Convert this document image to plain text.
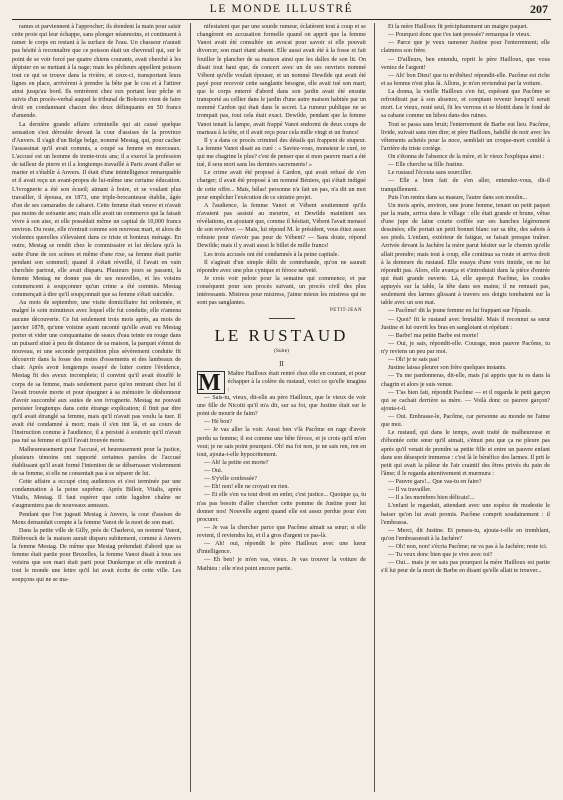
LE MONDE ILLUSTRÉ	207

rames et parviennent à l'approcher; ils étendent la main pour saisir cette proie qui leur échappe, sans plonger néanmoins, et continuent à ramer le corps en restant à la surface de l'eau. Un chasseur n'aurait pas hésité à reconnaître que ce poisson était un chevreuil qui, sur le point de se voir forcé par quatre chiens courants, avait cherché à les dépister en se mettant à la nage; mais les pêcheurs appellent poisson tout ce qui se trouve dans la rivière, et ceux-ci, transportant leurs lignes en place, arrivèrent à prendre la bête par le cou et à l'attirer ainsi jusqu'au bord. Ils rentrèrent chez eux portant leur pêche et suivis d'un procès-verbal auquel le tribunal de Bohours vient de faire droit en condamnant chacun des deux délinquants en 50 francs d'amende.

La dernière grande affaire criminelle qui ait causé quelque sensation s'est déroulée devant la cour d'assises de la province d'Anvers. Il s'agit d'un Belge belge, nommé Mestag, qui, pour cacher l'assassinat qu'il avait commis, a coupé sa femme en morceaux. L'accusé est un homme de trente-trois ans; il a exercé la profession de tailleur de pierre et il a longtemps travaillé à Paris avant d'aller se marier et s'établir à Anvers. Il était d'une inintelligence remarquable et il avait reçu un avant-propos de lui-même une certaine éducation. L'ivrognerie a été son écueil; aimant à boire, et se voulant plus travailler, il épousa, en 1873, une triple-brocanteuse établie, âgée d'un de ses camarades de cabaret. Cette femme était veuve et n'avait pas moins de soixante ans; mais elle avait un commerce qui la faisait vivre à son aise, et elle possédait même un capital de 10,000 francs environ. Du reste, elle n'entrait comme son nouveau mari, et alors de violentes querelles s'élevaient dans ce triste et honteux ménage. En outre, Mestag se rendit chez le commissaire et lui déclara qu'à la suite d'une de ces scènes et même d'une rixe, sa femme était partie pendant son sommeil; quand il s'était réveillé, il l'avait en vain cherchée partout, elle avait disparu. Plusieurs jours se passent, la femme Mestag ne donne pas de ses nouvelles, et les voisins commencent à soupçonner qu'un crime a été commis. Mestag commençait à dire qu'il soupçonnait que sa femme s'était suicidée.

Au mois de septembre, une visite domiciliaire fut ordonnée, et malgré le soin minutieux avec lequel elle fut conduite, elle n'amena aucune découverte. Ce fut seulement trois mois après, au mois de janvier 1878, qu'une voisine ayant raconté qu'elle avait vu Mestag porter et vider une conquantaine de seaux d'eau teinte en rouge dans un puisard situé à peu de distance de sa maison, la parquet s'émut de nouveau, et une seconde perquisition plus sévèrement conduite fit découvrir dans la fosse des restes d'ossements et des lambeaux de chair. Après avoir longtemps essayé de lutter contre l'évidence, Mestag fit des aveux incomplets; il convint qu'il avait étouffé le corps de sa femme, mais seulement parce qu'en rentrant chez lui il l'avait trouvée morte et pour épargner à sa mémoire le déshonneur d'avoir succombé aux suites de son ivrognerie. Mestag ne pouvait persister longtemps dans cette étrange explication; il finit par dire qu'il avait étranglé sa femme, mais qu'il n'avait pas voulu la tuer. Il avait été condamné à mort; mais il s'en tint là, et au cours de l'instruction comme à l'audience, il a persisté à soutenir qu'il n'avait pas tué sa femme et qu'il l'avait trouvée morte.

Malheureusement pour l'accusé, et heureusement pour la justice, plusieurs témoins ont rapporté certaines paroles de l'accusé établissant qu'il avait formé l'intention de se débarrasser violemment de sa femme, si elle ne consentait pas à se séparer de lui.

Cette affaire a occupé cinq audiences et s'est terminée par une condamnation à la peine suprême. Après Billoir, Vitalis, après Vitalis, Mestag. Il faut espérer que cette lugubre chaîne ne s'augmentera pas de nouveaux anneaux.

Pendant que l'on jugeait Mestag à Anvers, la cour d'assises de Mons demandait compte à la femme Vanot de la mort de son mari.

Dans la petite ville de Gilly, près de Charleroi, un nommé Vanot, Bièbrouck de la maison aurait disparu subitement, comme à Anvers la femme Mestag. De même que Mestag prétendait d'abord que sa femme était partie pour Bruxelles, la femme Vanot disait à tous ses voisins que son mari était parti pour Dunkerque et elle montrait à tout le monde une lettre qu'il lui avait écrite de cette ville. Les soupçons qui ne se ma-

nifestaient que par une sourde rumeur, éclatèrent tout à coup et se changèrent en accusation formelle quand on apprit que la femme Vanot avait été consultée un avocat pour savoir si elle pouvait divorcer, son mari étant absent. Elle aussi avait été à la fosse et fait fouiller le plancher de sa maison ainsi que les dalles de son lit. On disait tout haut que, de concert avec un de ses ouvriers nommé Vébent qu'elle voulait épouser, et un nommé Dewilde qui avait été payé pour recevoir cette sanglante besogne, elle avait tué son mari; que le corps enterré d'abord dans son jardin avait été ensuite transporté au cellier dans le jardin d'une autre maison habitée par un nommé Cardon qui était dans le secret. La rumeur publique ne se trompait pas, tout cela était exact. Dewilde, pendant que la femme Vanot tenait la lampe, avait frappé Vanot endormi de deux coups de marteau à la tête, et il avait reçu pour cela mille vingt et un francs!

Il y a dans ce procès criminel des détails qui frappent de stupeur. La femme Vanot disait au curé : « Saviez-vous, monsieur le curé, ce qui me chagrine le plus? c'est de penser que si mon pauvre mari a été tué, il sera mort sans les derniers sacrements! »

Le crime avait été proposé à Cardon, qui avait refusé de s'en charger; il avait été proposé à un nommé Béniers, qui s'était indigné de cette offre... Mais, hélas! personne n'a fait un pas, n'a dit un mot pour empêcher l'exécution de ce sinistre projet.

A l'audience, la femme Vanot et Vébent soutiennent qu'ils n'avaient pas assisté au meurtre, et Dewilde maintient ses révélations, en ajoutant que, comme il hésitait, Vébent l'avait menacé de son revolver. — Mais, lui répond M. le président, vous étiez assez robuste pour n'avoir pas peur de Vébent? — Sans doute, répond Dewilde; mais il y avait aussi le billet de mille francs!

Les trois accusés ont été condamnés à la peine capitale.

Il s'agirait d'un simple délit de contrebande, qu'on ne saurait répondre avec une plus cynique et féroce naïveté.

Je crois voir pelote pour la semaine qui commence, et par conséquent pour son procès suivant, un procès civil des plus intéressants. Mistress pour mistress, j'aime mieux les mistress qui ne sont pas sanglantes.

PETIT-JEAN
LE RUSTAUD
(Suite)
II

M	Maître Hailloux était rentré chez elle en courant, et pour échapper à la colère du rustaud, voici ce qu'elle imagina :

— Sais-tu, vieux, dit-elle au père Hailloux, que le vieux de voir une fille de Nicotti qu'il m'a dit, sur sa foi, que Justine était sur le point de mourir de faim?

— Hé bon?

— Je vas aller la voir. Aussi ben v'là Pacôme en rage d'avoir perdu sa femme; il est comme une bête féroce, et je crois qu'il m'en veut; je ne sais point pourquoi. Oh! ma foi non, je ne sais ren, ren en tout, ajouta-t-elle hypocritement.

— Ah! la petite est morte?

— Oui.

— S'y'elle confessée?

— Eh! non! elle ne croyait en rien.

— Et elle s'en va tout droit en enfer, c'est justice... Quoique ça, tu n'as pas besoin d'aller chercher cette pomme de Justine pour lui donner nos! Nouvelle argent quand elle est assez perdue pour s'en procurer.

— Je vas la chercher parce que Pacôme aimait sa sœur; si elle revient, il reviendra lui, et il a gros d'argent ce pas-là.

— Ah! oui, répondit le père Hailloux avec une lueur d'intelligence.

— Eh ben! je m'en vas, vieux. Je vas trouver la voiture de Mathieu : elle n'est point encore partie.

Et la mère Hailloux fit précipitamment un maigre paquet.

— Pourquoi donc que t'es tant pressée? remarqua le vieux.

— Parce que je veux ramener Justine pour l'enterrement; elle claimera son frère.

— D'ailleurs, ben entendu, reprit le père Hailloux, que vous veniez de l'argent!

— Ah! bon Dieu! que tu m'ébêtes! répondit-elle. Pacôme est riche et sa femme n'est plus là. Allons, je m'en reviendrai par la voiture.

La donna, la vieille Hailloux s'en fut, espérant que Pacôme se refroidirait par à son absence, et comptant revenir lorsqu'il serait mort. Le vieux, resté seul, fit les verrous et se blottit dans le fond de sa cabane comme un hibou dans des ruines.

Tout se passa sans bruit; l'enterrement de Barbe eut lieu. Pacôme, livide, suivait sans rien dire; et père Hailloux, habillé de noir avec les vêtements achetés pour la noce, semblait un croque-mort comblé à l'arrière du triste cortège.

On s'étonna de l'absence de la mère, et le vieux l'expliqua ainsi :

— Elle cherche sa fille Justine.

Le rustaud l'écouta sans sourciller.

— Elle a bien fait de s'en aller, entendez-vous, dit-il tranquillement.

Puis l'on rentra dans sa masure, l'autre dans son moulin...

Un mois après, environ, une jeune femme, tenant un petit paquet par la main, arriva dans le village : elle était grande et brune, vêtue d'une jupe de laine courte coiffée sur ses hanches légèrement dessinées; elle portait un petit bonnet blanc sur sa tête, des sabots à ses pieds. L'enfant, extérieur de fatigue, se faisait presque traîner. Arrivée devant la Jachère la mère parut hésiter sur le chemin qu'elle allait prendre; mais tout à coup, elle continua sa route et arriva droit à la demeure du rustaud. Elle essaya d'une voix timide, on ne lui répondit pas. Alors, elle avança et s'introduisit dans la pièce d'entrée qui était grande ouverte. Là, elle aperçut Pacôme, les coudes appuyés sur la table, la tête dans ses mains; il ne remuait pas, seulement des larmes glissant à travers ses doigts tombaient sur la table avec un son mat.

— Pacôme! dit la jeune femme en lui frappant sur l'épaule.

— Quoi? fit le rustaud avec brutalité. Mais il reconnut sa sœur Justine et lui ouvrit les bras en sanglotant et répétant :

— Barbe! ma petite Barbe est morte!

— Oui, je sais, répondit-elle. Courage, mon pauvre Pacôme, tu n'y reviens un peu par moi.

— Oh! je te sais pas!

Justine laissa pleurer son frère quelques instants.

— Tu me pardonneras, dit-elle, mais j'ai appris que tu es dans la chagrin et alors je suis venue.

— T'as bien fait, répondit Pacôme — et il regarda le petit garçon qui se cachait derrière sa mère. — Voilà donc ce pauvre garçon? ajouta-t-il.

— Oui. Embrasse-le, Pacôme, car personne au monde ne l'aime que moi.

Le rustaud, qui dans le temps, avait traité de malheureuse et d'éhontée cette sœur qu'il aimait, s'émut peu que ça ne pleure pas après qu'il venait de prendre sa petite fille et entre un pauvre enfant dans son désespoir immense : c'est là le bénéfice des larmes. Il prit le petit qui avait la pâleur de l'air craintif des êtres privés du pain de l'âme; il le regarda attentivement et murmura :

— Pauvre gars!... Que vas-tu en faire?

— Il va travailler.

— Il a les membres bien délicats!...

L'enfant le regardait, attendant avec une espèce de modestie le baiser qu'on lui avait promis. Pacôme comprit soudainement : il l'embrassa.

— Merci, dit Justine. Et penses-tu, ajouta-t-elle en tremblant, qu'on l'embrasserait à la Jachère?

— Oh! non, non! s'écria Pacôme; ne va pas à la Jachère; reste ici.

— Tu veux donc bien que je vive avec toi?

— Oui... mais je ne sais pas pourquoi la mère Hailloux est partie s'il lui peur de la mort de Barbe en disant qu'elle allait te trouver...
